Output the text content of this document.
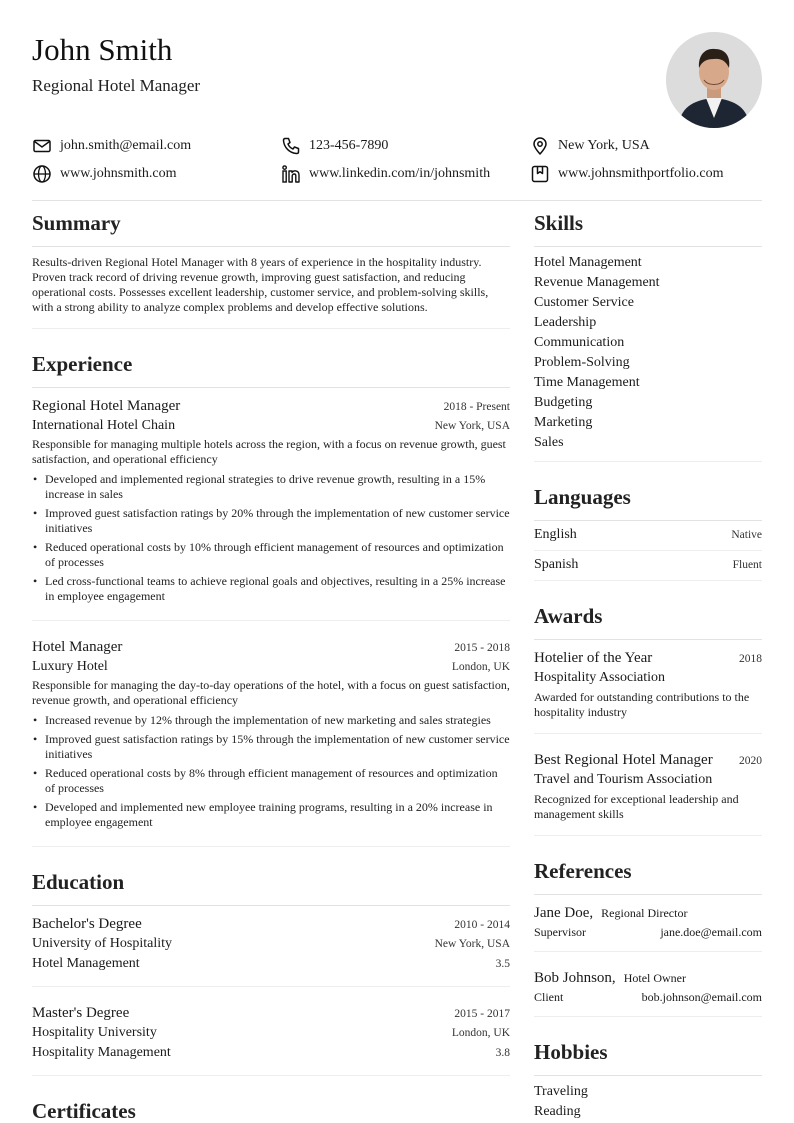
John Smith
Regional Hotel Manager
john.smith@email.com	123-456-7890	New York, USA
www.johnsmith.com	www.linkedin.com/in/johnsmith	www.johnsmithportfolio.com
Summary

Results-driven Regional Hotel Manager with 8 years of experience in the hospitality industry. Proven track record of driving revenue growth, improving guest satisfaction, and reducing operational costs. Possesses excellent leadership, customer service, and problem-solving skills, with a strong ability to analyze complex problems and develop effective solutions.

Experience
Regional Hotel Manager	2018 - Present
International Hotel Chain	New York, USA

Responsible for managing multiple hotels across the region, with a focus on revenue growth, guest satisfaction, and operational efficiency

• Developed and implemented regional strategies to drive revenue growth, resulting in a 15% increase in sales
• Improved guest satisfaction ratings by 20% through the implementation of new customer service initiatives
• Reduced operational costs by 10% through efficient management of resources and optimization of processes
• Led cross-functional teams to achieve regional goals and objectives, resulting in a 25% increase in employee engagement
Hotel Manager	2015 - 2018
Luxury Hotel	London, UK

Responsible for managing the day-to-day operations of the hotel, with a focus on guest satisfaction, revenue growth, and operational efficiency

• Increased revenue by 12% through the implementation of new marketing and sales strategies
• Improved guest satisfaction ratings by 15% through the implementation of new customer service initiatives
• Reduced operational costs by 8% through efficient management of resources and optimization of processes
• Developed and implemented new employee training programs, resulting in a 20% increase in employee engagement
Education
Bachelor's Degree	2010 - 2014
University of Hospitality	New York, USA
Hotel Management	3.5
Master's Degree	2015 - 2017
Hospitality University	London, UK
Hospitality Management	3.8
Certificates
Skills
Hotel Management
Revenue Management
Customer Service
Leadership
Communication
Problem-Solving
Time Management
Budgeting
Marketing
Sales
Languages
English	Native
Spanish	Fluent
Awards
Hotelier of the Year	2018
Hospitality Association

Awarded for outstanding contributions to the hospitality industry

Best Regional Hotel Manager 2020
Travel and Tourism Association

Recognized for exceptional leadership and management skills

References
Jane Doe, Regional Director
Supervisor	jane.doe@email.com
Bob Johnson, Hotel Owner
Client	bob.johnson@email.com
Hobbies
Traveling
Reading
